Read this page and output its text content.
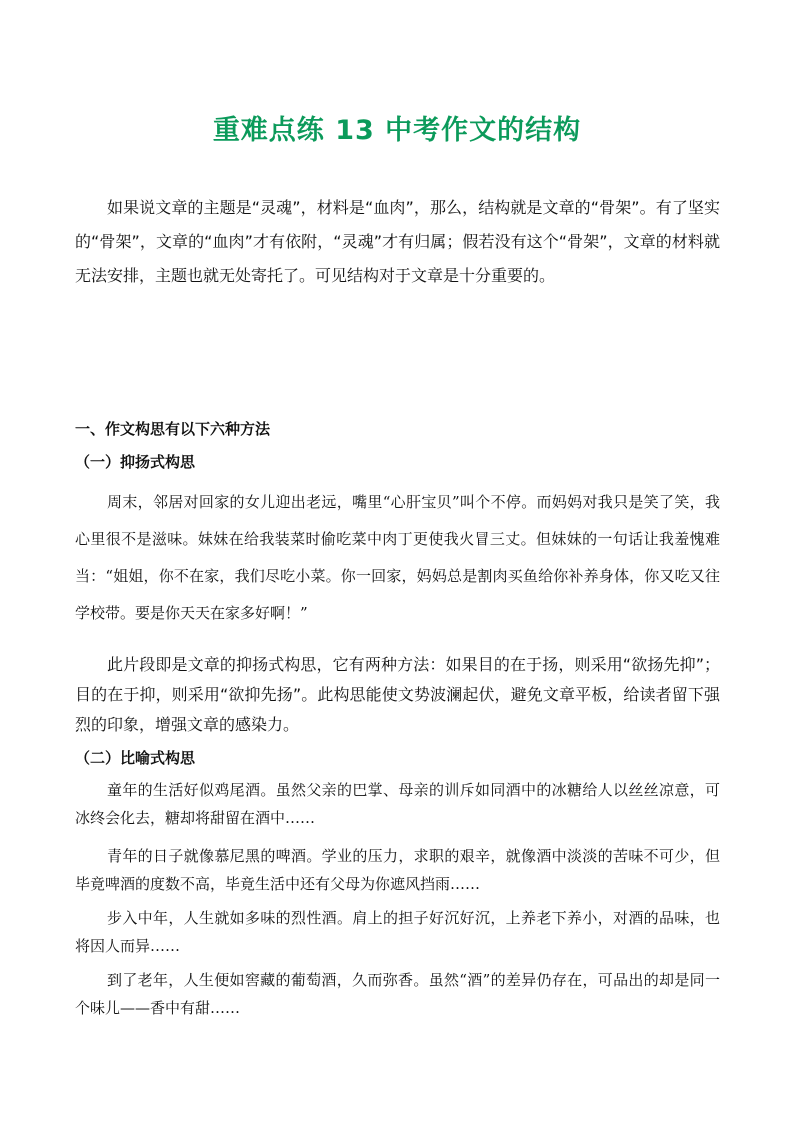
重难点练 13 中考作文的结构

如果说文章的主题是“灵魂”，材料是“血肉”，那么，结构就是文章的“骨架”。有了坚实的“骨架”，文章的“血肉”才有依附，“灵魂”才有归属；假若没有这个“骨架”，文章的材料就无法安排，主题也就无处寄托了。可见结构对于文章是十分重要的。

一、作文构思有以下六种方法
（一）抑扬式构思

周末，邻居对回家的女儿迎出老远，嘴里“心肝宝贝”叫个不停。而妈妈对我只是笑了笑，我心里很不是滋味。妹妹在给我装菜时偷吃菜中肉丁更使我火冒三丈。但妹妹的一句话让我羞愧难当：“姐姐，你不在家，我们尽吃小菜。你一回家，妈妈总是割肉买鱼给你补养身体，你又吃又往学校带。要是你天天在家多好啊！”

此片段即是文章的抑扬式构思，它有两种方法：如果目的在于扬，则采用“欲扬先抑”；目的在于抑，则采用“欲抑先扬”。此构思能使文势波澜起伏，避免文章平板，给读者留下强烈的印象，增强文章的感染力。

（二）比喻式构思

童年的生活好似鸡尾酒。虽然父亲的巴掌、母亲的训斥如同酒中的冰糖给人以丝丝凉意，可冰终会化去，糖却将甜留在酒中……

青年的日子就像慕尼黑的啤酒。学业的压力，求职的艰辛，就像酒中淡淡的苦味不可少，但毕竟啤酒的度数不高，毕竟生活中还有父母为你遮风挡雨……

步入中年，人生就如多味的烈性酒。肩上的担子好沉好沉，上养老下养小，对酒的品味，也将因人而异……

到了老年，人生便如窖藏的葡萄酒，久而弥香。虽然“酒”的差异仍存在，可品出的却是同一个味儿——香中有甜……
